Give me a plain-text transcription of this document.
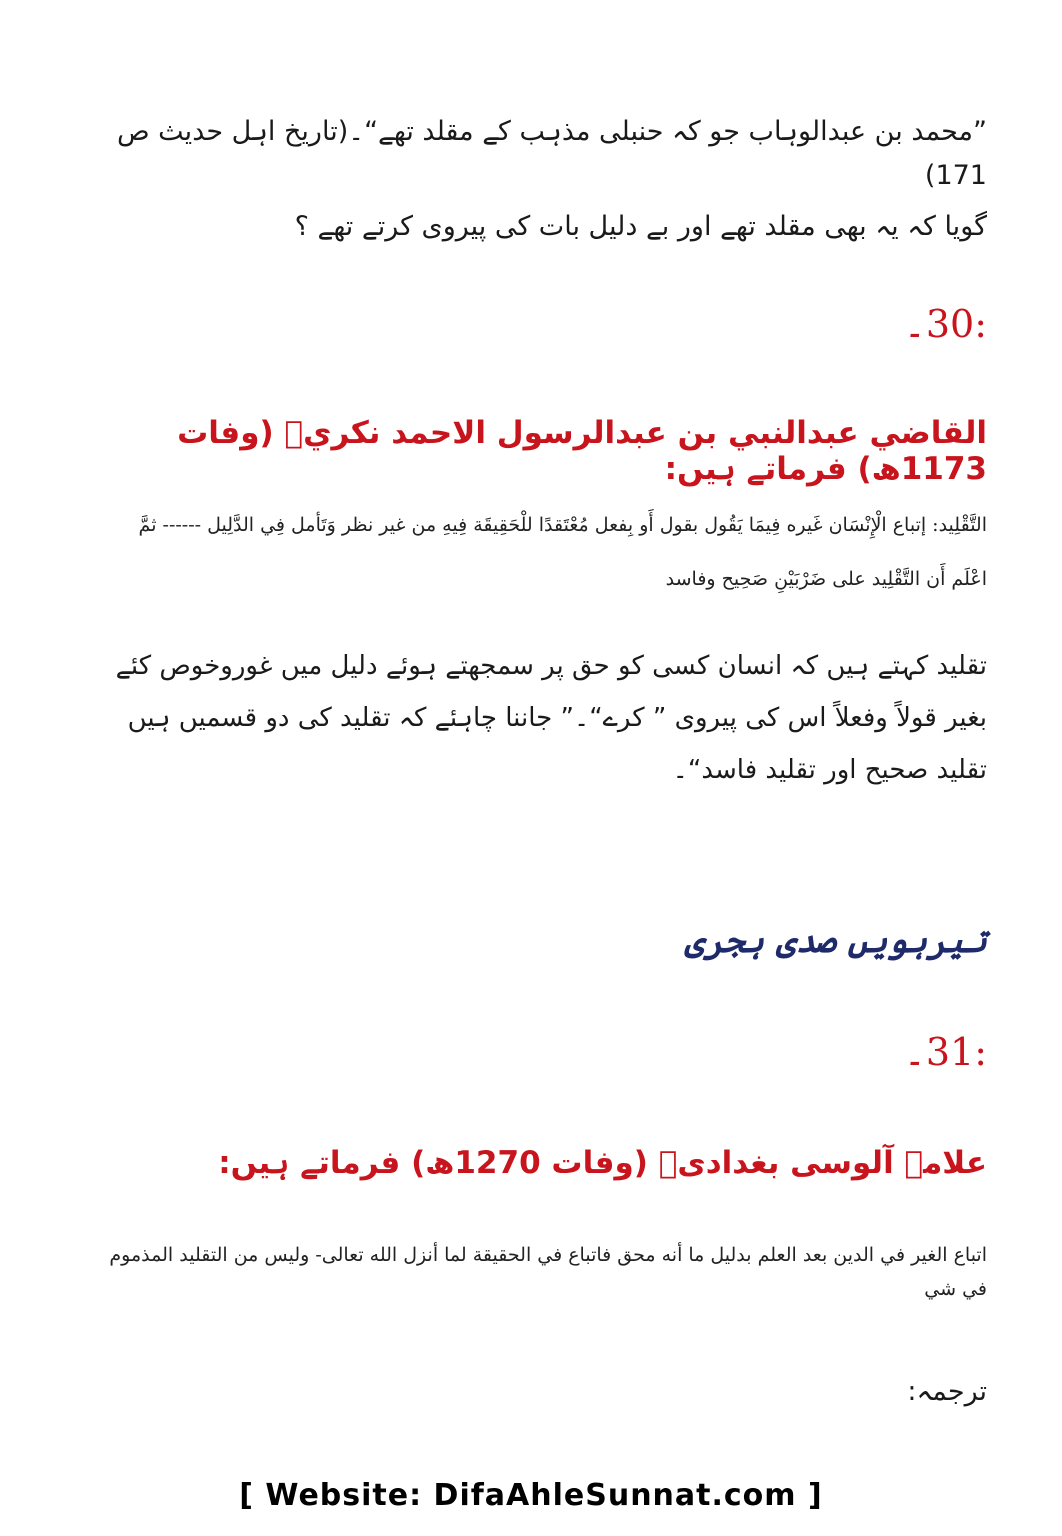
”محمد بن عبدالوہاب جو کہ حنبلی مذہب کے مقلد تھے“۔(تاریخ اہل حدیث ص 171)
گویا کہ یہ بھی مقلد تھے اور بے دلیل بات کی پیروی کرتے تھے ؟
:30۔
القاضي عبدالنبي بن عبدالرسول الاحمد نكريؒ (وفات 1173ھ) فرماتے ہیں:
التَّقْلِيد: إتباع الْإِنْسَان غَيره فِيمَا يَقُول بقول أَو بِفعل مُعْتَقدًا للْحَقِيقَة فِيهِ من غير نظر وَتَأمل فِي الدَّلِيل ------ ثمَّ
اعْلَم أَن التَّقْلِيد على ضَرْبَيْنِ صَحِيح وفاسد
تقلید کہتے ہیں کہ انسان کسی کو حق پر سمجھتے ہوئے دلیل میں غوروخوص کئے بغیر قولاً وفعلاً اس کی پیروی ” کرے“۔” جاننا چاہئے کہ تقلید کی دو قسمیں ہیں تقلید صحیح اور تقلید فاسد“۔
تیرہویں صدی ہجری
:31۔
علامہ آلوسی بغدادیؒ (وفات 1270ھ) فرماتے ہیں:
اتباع الغير في الدين بعد العلم بدليل ما أنه محق فاتباع في الحقيقة لما أنزل الله تعالى- وليس من التقليد المذموم في شي
ترجمہ:
[ Website: DifaAhleSunnat.com ]
